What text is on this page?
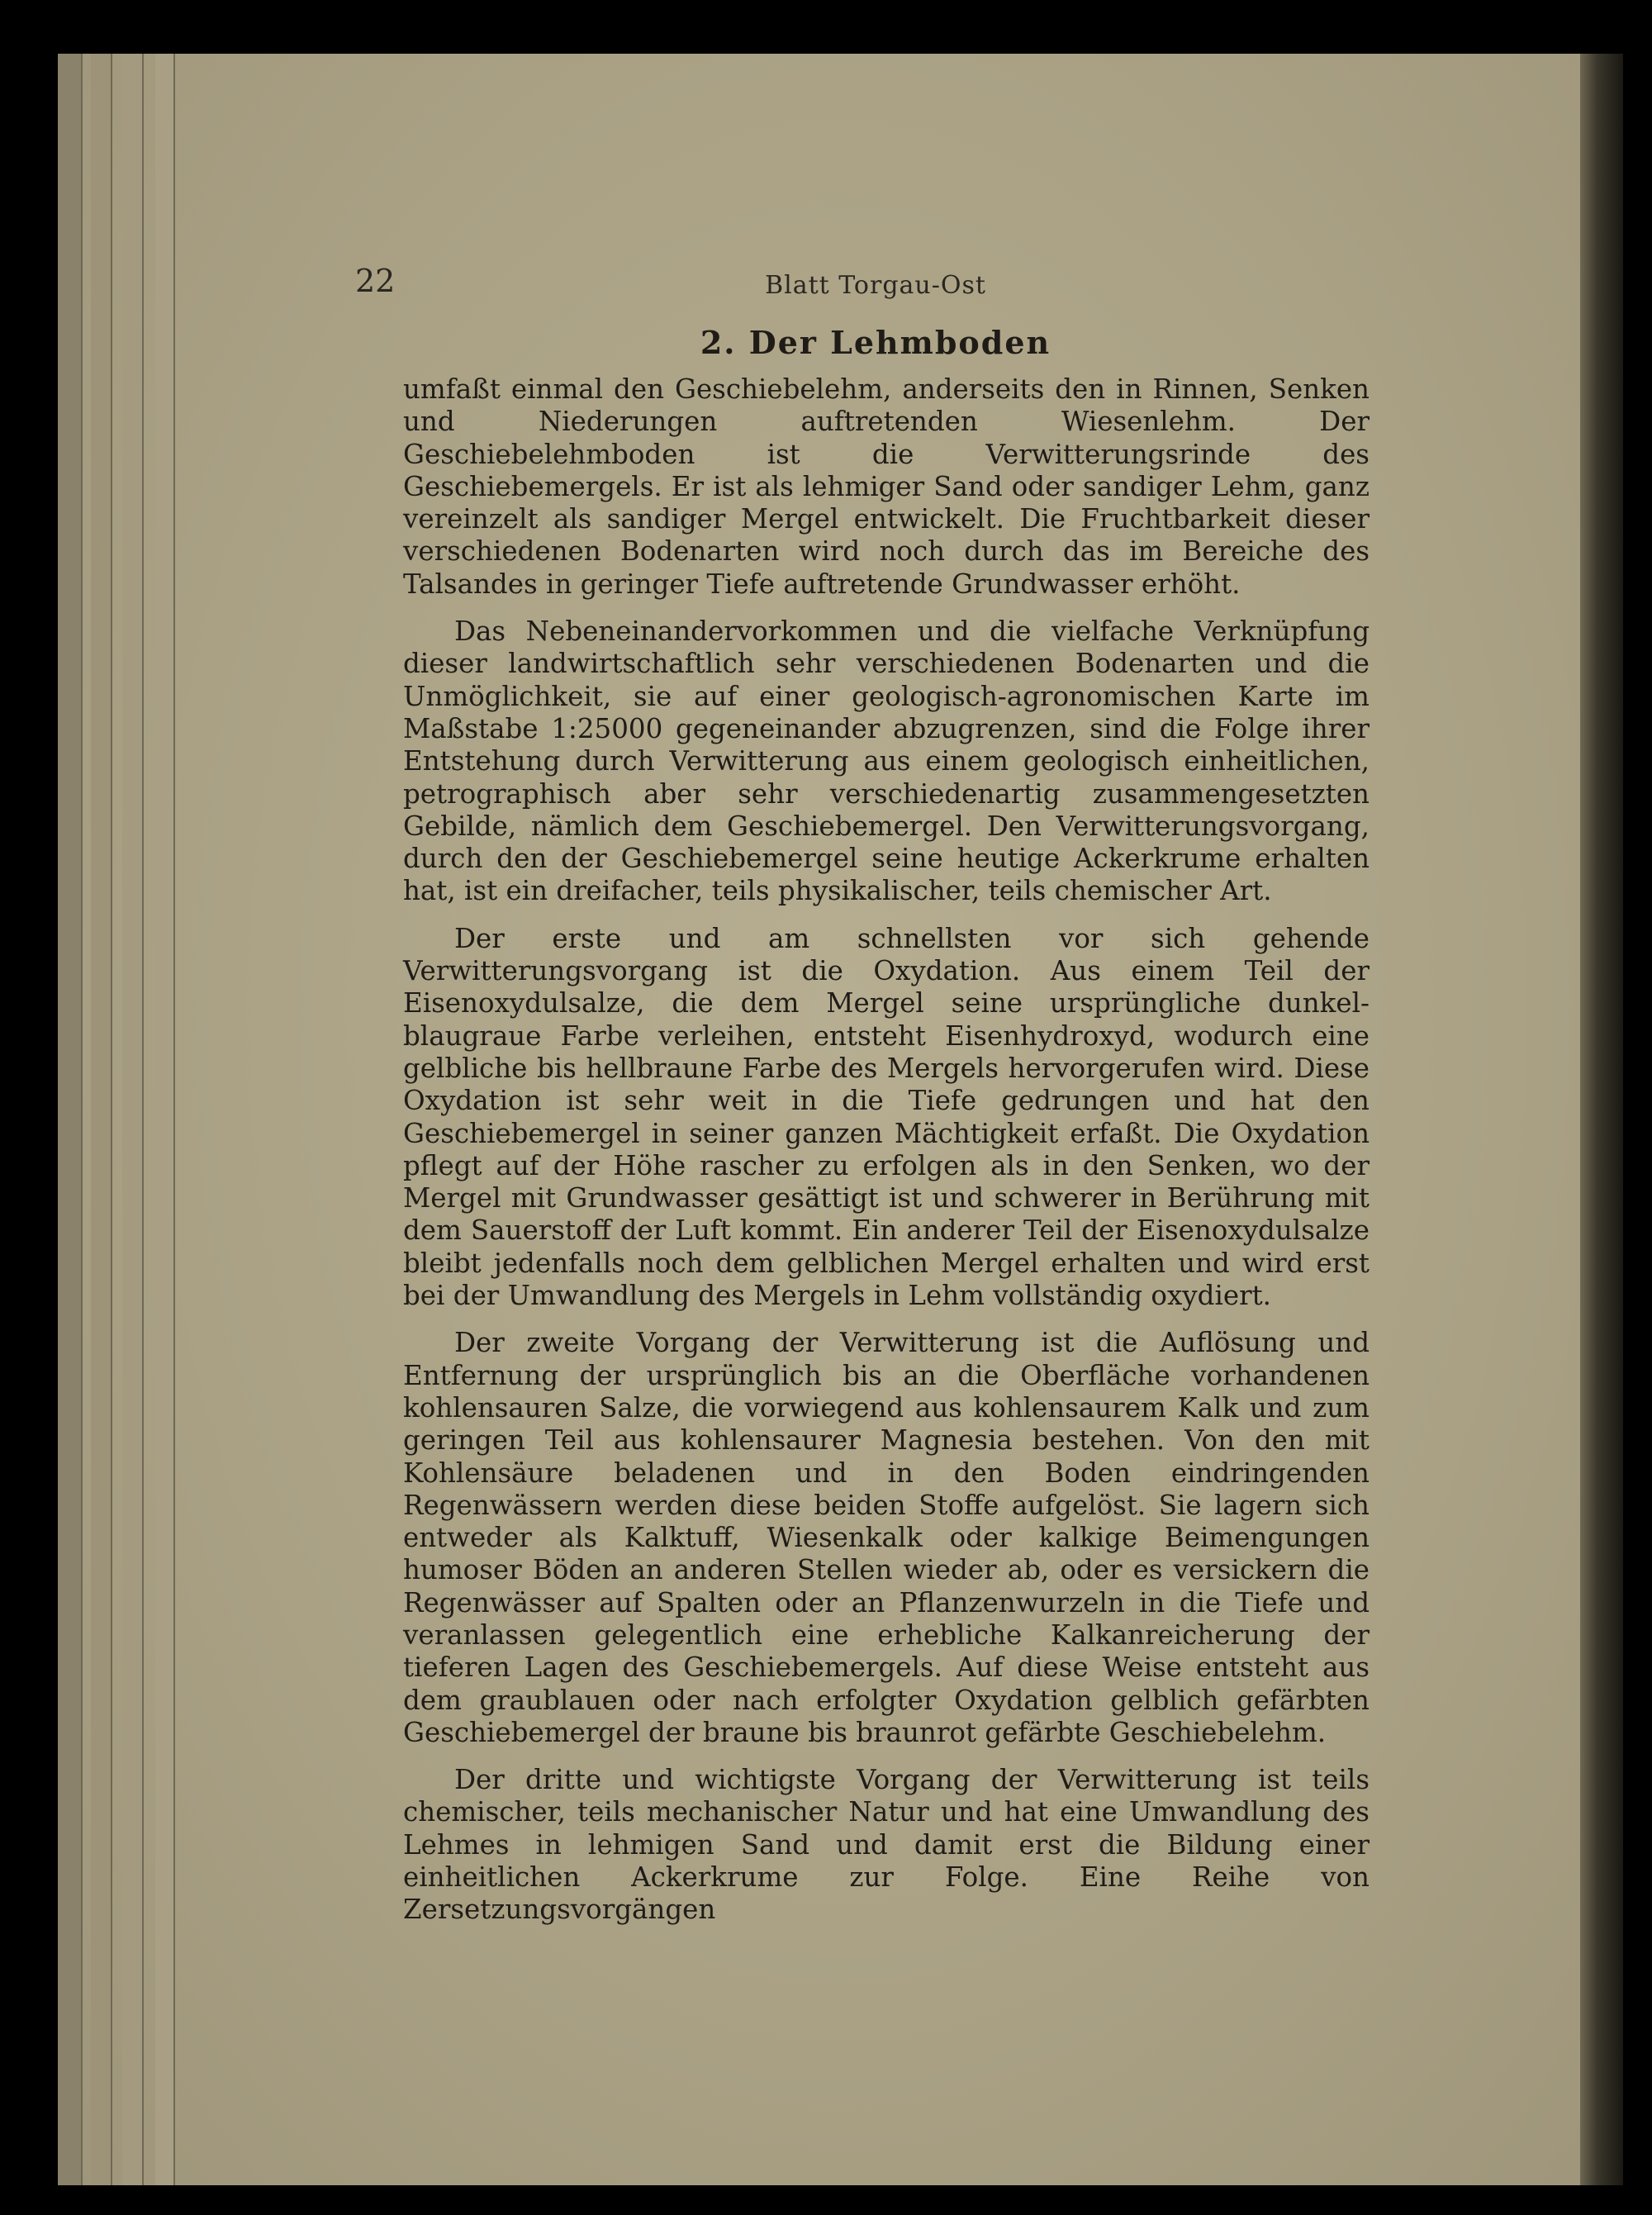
22	Blatt Torgau-Ost
2. Der Lehmboden

umfaßt einmal den Geschiebelehm, anderseits den in Rinnen, Senken und Niederungen auftretenden Wiesenlehm. Der Geschiebelehmboden ist die Verwitterungsrinde des Geschiebemergels. Er ist als lehmiger Sand oder sandiger Lehm, ganz vereinzelt als sandiger Mergel entwickelt. Die Fruchtbarkeit dieser verschiedenen Bodenarten wird noch durch das im Bereiche des Talsandes in geringer Tiefe auftretende Grundwasser erhöht.

Das Nebeneinandervorkommen und die vielfache Verknüpfung dieser landwirtschaftlich sehr verschiedenen Bodenarten und die Unmöglichkeit, sie auf einer geologisch-agronomischen Karte im Maßstabe 1:25000 gegeneinander abzugrenzen, sind die Folge ihrer Entstehung durch Verwitterung aus einem geologisch einheitlichen, petrographisch aber sehr verschiedenartig zusammengesetzten Gebilde, nämlich dem Geschiebemergel. Den Verwitterungsvorgang, durch den der Geschiebemergel seine heutige Ackerkrume erhalten hat, ist ein dreifacher, teils physikalischer, teils chemischer Art.

Der erste und am schnellsten vor sich gehende Verwitterungsvorgang ist die Oxydation. Aus einem Teil der Eisenoxydulsalze, die dem Mergel seine ursprüngliche dunkel-blaugraue Farbe verleihen, entsteht Eisenhydroxyd, wodurch eine gelbliche bis hellbraune Farbe des Mergels hervorgerufen wird. Diese Oxydation ist sehr weit in die Tiefe gedrungen und hat den Geschiebemergel in seiner ganzen Mächtigkeit erfaßt. Die Oxydation pflegt auf der Höhe rascher zu erfolgen als in den Senken, wo der Mergel mit Grundwasser gesättigt ist und schwerer in Berührung mit dem Sauerstoff der Luft kommt. Ein anderer Teil der Eisenoxydulsalze bleibt jedenfalls noch dem gelblichen Mergel erhalten und wird erst bei der Umwandlung des Mergels in Lehm vollständig oxydiert.

Der zweite Vorgang der Verwitterung ist die Auflösung und Entfernung der ursprünglich bis an die Oberfläche vorhandenen kohlensauren Salze, die vorwiegend aus kohlensaurem Kalk und zum geringen Teil aus kohlensaurer Magnesia bestehen. Von den mit Kohlensäure beladenen und in den Boden eindringenden Regenwässern werden diese beiden Stoffe aufgelöst. Sie lagern sich entweder als Kalktuff, Wiesenkalk oder kalkige Beimengungen humoser Böden an anderen Stellen wieder ab, oder es versickern die Regenwässer auf Spalten oder an Pflanzenwurzeln in die Tiefe und veranlassen gelegentlich eine erhebliche Kalkanreicherung der tieferen Lagen des Geschiebemergels. Auf diese Weise entsteht aus dem graublauen oder nach erfolgter Oxydation gelblich gefärbten Geschiebemergel der braune bis braunrot gefärbte Geschiebelehm.

Der dritte und wichtigste Vorgang der Verwitterung ist teils chemischer, teils mechanischer Natur und hat eine Umwandlung des Lehmes in lehmigen Sand und damit erst die Bildung einer einheitlichen Ackerkrume zur Folge. Eine Reihe von Zersetzungsvorgängen
